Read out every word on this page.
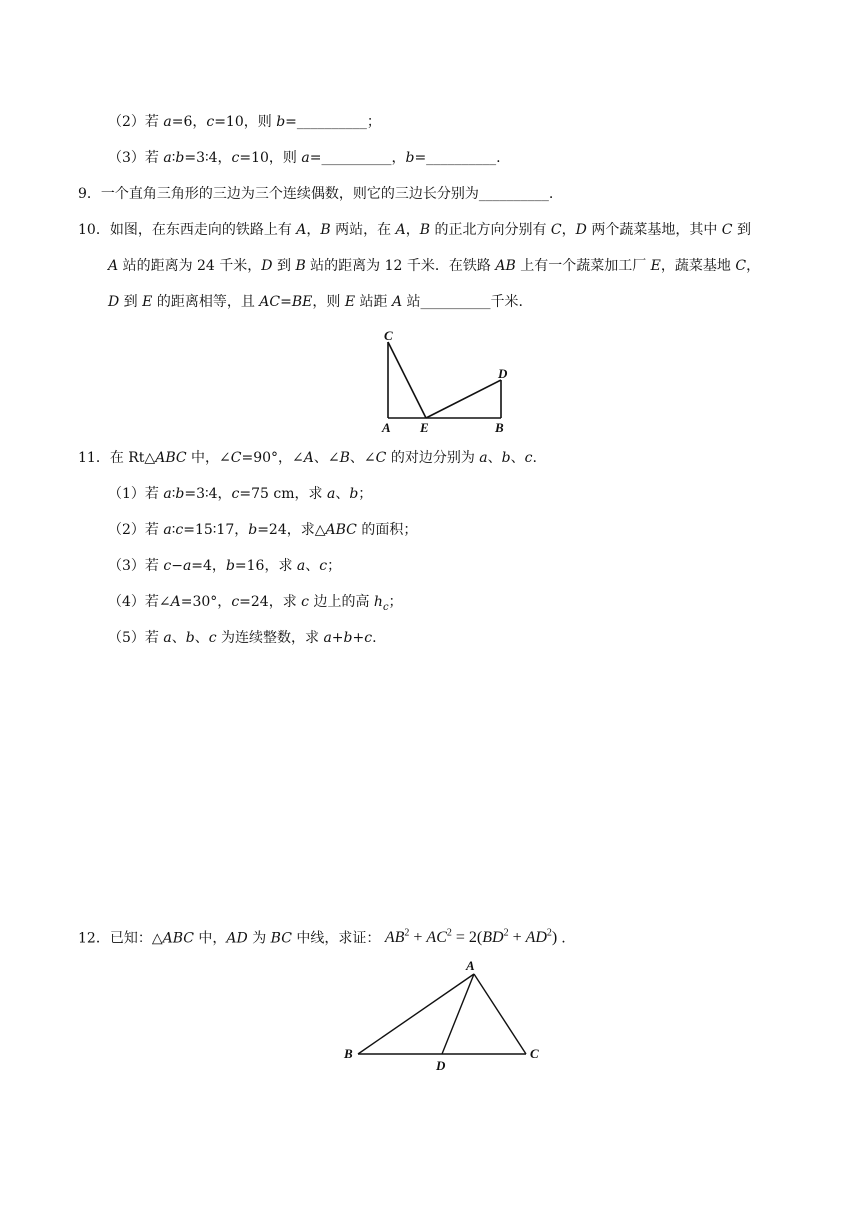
（2）若 a=6，c=10，则 b=__________；
（3）若 a∶b=3∶4，c=10，则 a=__________，b=__________.
9．一个直角三角形的三边为三个连续偶数，则它的三边长分别为__________.
10．如图，在东西走向的铁路上有 A，B 两站，在 A，B 的正北方向分别有 C，D 两个蔬菜基地，其中 C 到
A 站的距离为 24 千米，D 到 B 站的距离为 12 千米．在铁路 AB 上有一个蔬菜加工厂 E，蔬菜基地 C，
D 到 E 的距离相等，且 AC=BE，则 E 站距 A 站__________千米.
C
D
A E	B
11．在 Rt△ABC 中，∠C=90°，∠A、∠B、∠C 的对边分别为 a、b、c.
（1）若 a∶b=3∶4，c=75 cm，求 a、b；
（2）若 a∶c=15∶17，b=24，求△ABC 的面积；
（3）若 c−a=4，b=16，求 a、c；
（4）若∠A=30°，c=24，求 c 边上的高 $h_c$；
（5）若 a、b、c 为连续整数，求 a+b+c.
12．已知：△ABC 中，AD 为 BC 中线，求证： $AB^2 + AC^2 = 2(BD^2 + AD^2)$ .
A
B	C
D
